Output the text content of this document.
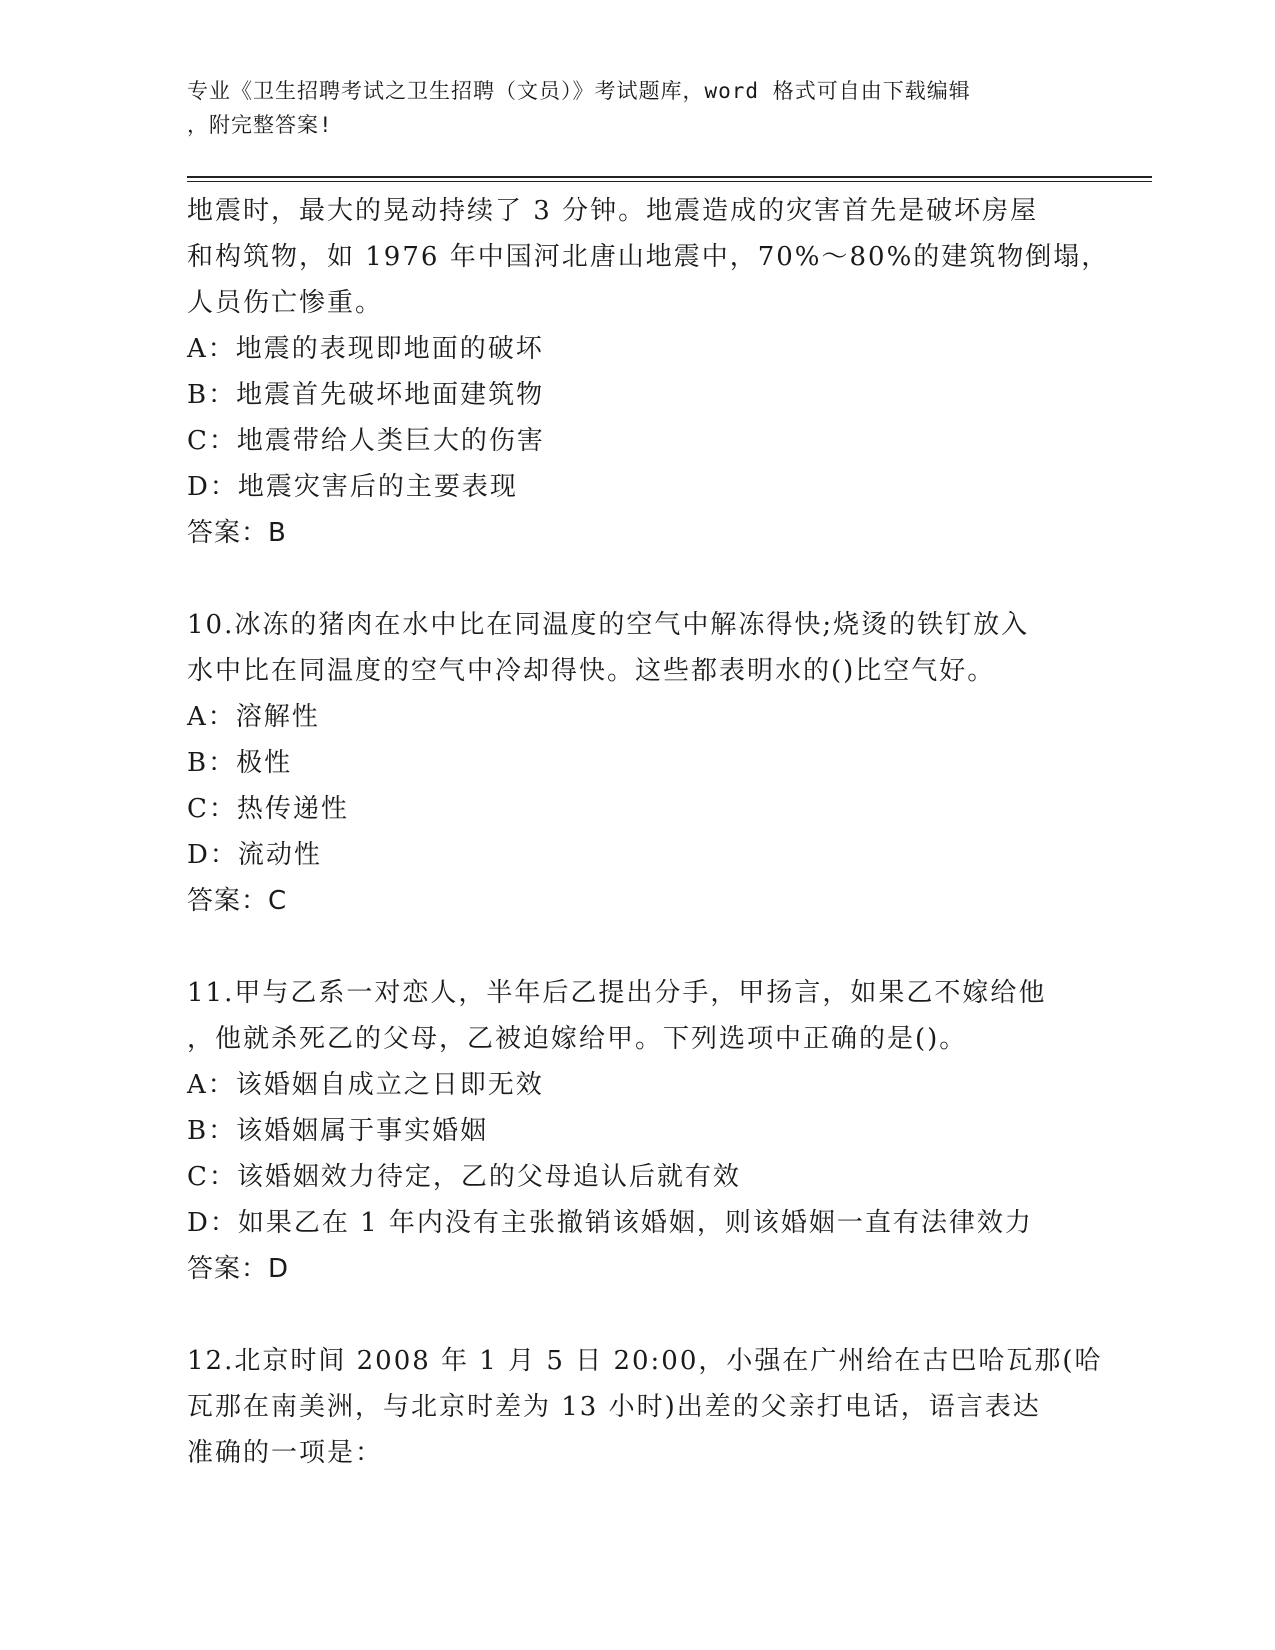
专业《卫生招聘考试之卫生招聘（文员）》考试题库，word 格式可自由下载编辑
，附完整答案!
地震时，最大的晃动持续了 3 分钟。地震造成的灾害首先是破坏房屋
和构筑物，如 1976 年中国河北唐山地震中，70%～80%的建筑物倒塌，
人员伤亡惨重。
A：地震的表现即地面的破坏
B：地震首先破坏地面建筑物
C：地震带给人类巨大的伤害
D：地震灾害后的主要表现
答案：B
10.冰冻的猪肉在水中比在同温度的空气中解冻得快;烧烫的铁钉放入
水中比在同温度的空气中冷却得快。这些都表明水的()比空气好。
A：溶解性
B：极性
C：热传递性
D：流动性
答案：C
11.甲与乙系一对恋人，半年后乙提出分手，甲扬言，如果乙不嫁给他
，他就杀死乙的父母，乙被迫嫁给甲。下列选项中正确的是()。
A：该婚姻自成立之日即无效
B：该婚姻属于事实婚姻
C：该婚姻效力待定，乙的父母追认后就有效
D：如果乙在 1 年内没有主张撤销该婚姻，则该婚姻一直有法律效力
答案：D
12.北京时间 2008 年 1 月 5 日 20:00，小强在广州给在古巴哈瓦那(哈
瓦那在南美洲，与北京时差为 13 小时)出差的父亲打电话，语言表达
准确的一项是：
